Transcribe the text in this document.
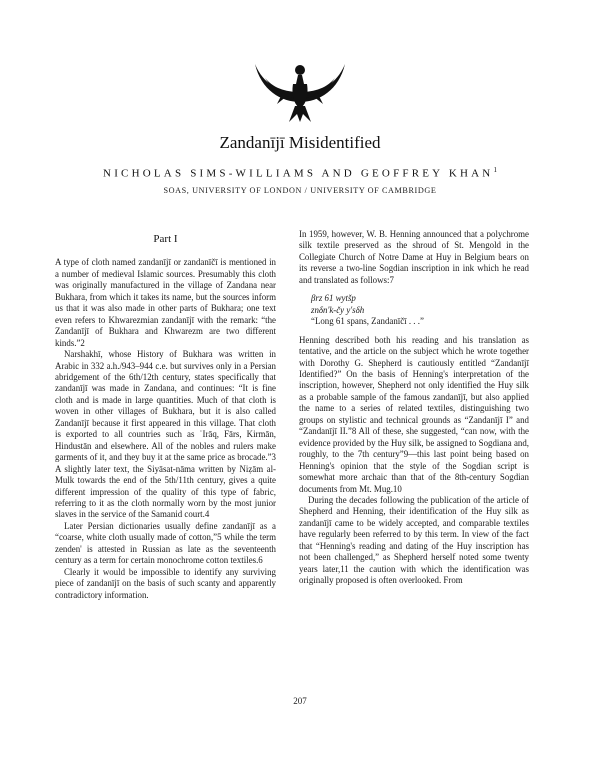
Zandanījī Misidentified
NICHOLAS SIMS-WILLIAMS AND GEOFFREY KHAN$^1$
SOAS, UNIVERSITY OF LONDON / UNIVERSITY OF CAMBRIDGE
Part I

A type of cloth named zandanījī or zandanīčī is mentioned in a number of medieval Islamic sources. Presumably this cloth was originally manufactured in the village of Zandana near Bukhara, from which it takes its name, but the sources inform us that it was also made in other parts of Bukhara; one text even refers to Khwarezmian zandanījī with the remark: “the Zandanījī of Bukhara and Khwarezm are two different kinds.”2

Narshakhī, whose History of Bukhara was written in Arabic in 332 a.h./943–944 c.e. but survives only in a Persian abridgement of the 6th/12th century, states specifically that zandanījī was made in Zandana, and continues: “It is fine cloth and is made in large quantities. Much of that cloth is woven in other villages of Bukhara, but it is also called Zandanījī because it first appeared in this village. That cloth is exported to all countries such as ʿIrāq, Fārs, Kirmān, Hindustān and elsewhere. All of the nobles and rulers make garments of it, and they buy it at the same price as brocade.”3 A slightly later text, the Siyāsat-nāma written by Niẓām al-Mulk towards the end of the 5th/11th century, gives a quite different impression of the quality of this type of fabric, referring to it as the cloth normally worn by the most junior slaves in the service of the Samanid court.4

Later Persian dictionaries usually define zandanījī as a “coarse, white cloth usually made of cotton,”5 while the term zenden' is attested in Russian as late as the seventeenth century as a term for certain monochrome cotton textiles.6

Clearly it would be impossible to identify any surviving piece of zandanījī on the basis of such scanty and apparently contradictory information.

In 1959, however, W. B. Henning announced that a polychrome silk textile preserved as the shroud of St. Mengold in the Collegiate Church of Notre Dame at Huy in Belgium bears on its reverse a two-line Sogdian inscription in ink which he read and translated as follows:7

βrz 61 wytšp
znδn'k-čy y'sδh
“Long 61 spans, Zandanīčī . . .”

Henning described both his reading and his translation as tentative, and the article on the subject which he wrote together with Dorothy G. Shepherd is cautiously entitled “Zandanījī Identified?” On the basis of Henning's interpretation of the inscription, however, Shepherd not only identified the Huy silk as a probable sample of the famous zandanījī, but also applied the name to a series of related textiles, distinguishing two groups on stylistic and technical grounds as “Zandanījī I” and “Zandanījī II.”8 All of these, she suggested, “can now, with the evidence provided by the Huy silk, be assigned to Sogdiana and, roughly, to the 7th century”9—this last point being based on Henning's opinion that the style of the Sogdian script is somewhat more archaic than that of the 8th-century Sogdian documents from Mt. Mug.10

During the decades following the publication of the article of Shepherd and Henning, their identification of the Huy silk as zandanījī came to be widely accepted, and comparable textiles have regularly been referred to by this term. In view of the fact that “Henning's reading and dating of the Huy inscription has not been challenged,” as Shepherd herself noted some twenty years later,11 the caution with which the identification was originally proposed is often overlooked. From

207
